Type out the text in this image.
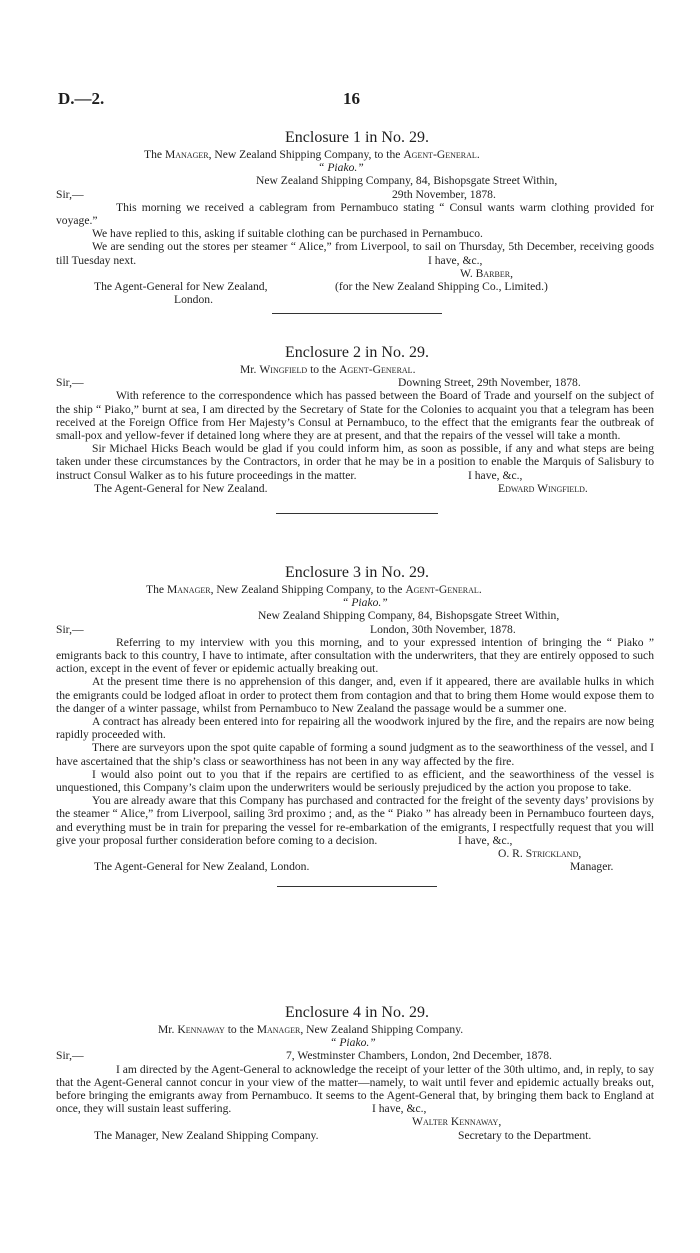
D.—2.	16
Enclosure 1 in No. 29.
The Manager, New Zealand Shipping Company, to the Agent-General.
“ Piako.”
New Zealand Shipping Company, 84, Bishopsgate Street Within,
Sir,—	29th November, 1878.

This morning we received a cablegram from Pernambuco stating “ Consul wants warm clothing provided for voyage.”

We have replied to this, asking if suitable clothing can be purchased in Pernambuco.

We are sending out the stores per steamer “ Alice,” from Liverpool, to sail on Thursday, 5th December, receiving goods till Tuesday next.	I have, &c.,
W. Barber,
The Agent-General for New Zealand,	(for the New Zealand Shipping Co., Limited.)
London.
Enclosure 2 in No. 29.
Mr. Wingfield to the Agent-General.
Sir,—	Downing Street, 29th November, 1878.

With reference to the correspondence which has passed between the Board of Trade and yourself on the subject of the ship “ Piako,” burnt at sea, I am directed by the Secretary of State for the Colonies to acquaint you that a telegram has been received at the Foreign Office from Her Majesty’s Consul at Pernambuco, to the effect that the emigrants fear the outbreak of small-pox and yellow-fever if detained long where they are at present, and that the repairs of the vessel will take a month.

Sir Michael Hicks Beach would be glad if you could inform him, as soon as possible, if any and what steps are being taken under these circumstances by the Contractors, in order that he may be in a position to enable the Marquis of Salisbury to instruct Consul Walker as to his future proceedings in the matter.	I have, &c.,
The Agent-General for New Zealand.	Edward Wingfield.
Enclosure 3 in No. 29.
The Manager, New Zealand Shipping Company, to the Agent-General.
“ Piako.”
New Zealand Shipping Company, 84, Bishopsgate Street Within,
Sir,—	London, 30th November, 1878.

Referring to my interview with you this morning, and to your expressed intention of bringing the “ Piako ” emigrants back to this country, I have to intimate, after consultation with the underwriters, that they are entirely opposed to such action, except in the event of fever or epidemic actually breaking out.

At the present time there is no apprehension of this danger, and, even if it appeared, there are available hulks in which the emigrants could be lodged afloat in order to protect them from contagion and that to bring them Home would expose them to the danger of a winter passage, whilst from Pernambuco to New Zealand the passage would be a summer one.

A contract has already been entered into for repairing all the woodwork injured by the fire, and the repairs are now being rapidly proceeded with.

There are surveyors upon the spot quite capable of forming a sound judgment as to the seaworthiness of the vessel, and I have ascertained that the ship’s class or seaworthiness has not been in any way affected by the fire.

I would also point out to you that if the repairs are certified to as efficient, and the seaworthiness of the vessel is unquestioned, this Company’s claim upon the underwriters would be seriously prejudiced by the action you propose to take.

You are already aware that this Company has purchased and contracted for the freight of the seventy days’ provisions by the steamer “ Alice,” from Liverpool, sailing 3rd proximo ; and, as the “ Piako ” has already been in Pernambuco fourteen days, and everything must be in train for preparing the vessel for re-embarkation of the emigrants, I respectfully request that you will give your proposal further consideration before coming to a decision.	I have, &c.,
O. R. Strickland,
The Agent-General for New Zealand, London.	Manager.
Enclosure 4 in No. 29.
Mr. Kennaway to the Manager, New Zealand Shipping Company.
“ Piako.”
Sir,—	7, Westminster Chambers, London, 2nd December, 1878.

I am directed by the Agent-General to acknowledge the receipt of your letter of the 30th ultimo, and, in reply, to say that the Agent-General cannot concur in your view of the matter—namely, to wait until fever and epidemic actually breaks out, before bringing the emigrants away from Pernambuco. It seems to the Agent-General that, by bringing them back to England at once, they will sustain least suffering.	I have, &c.,
Walter Kennaway,
The Manager, New Zealand Shipping Company.	Secretary to the Department.
